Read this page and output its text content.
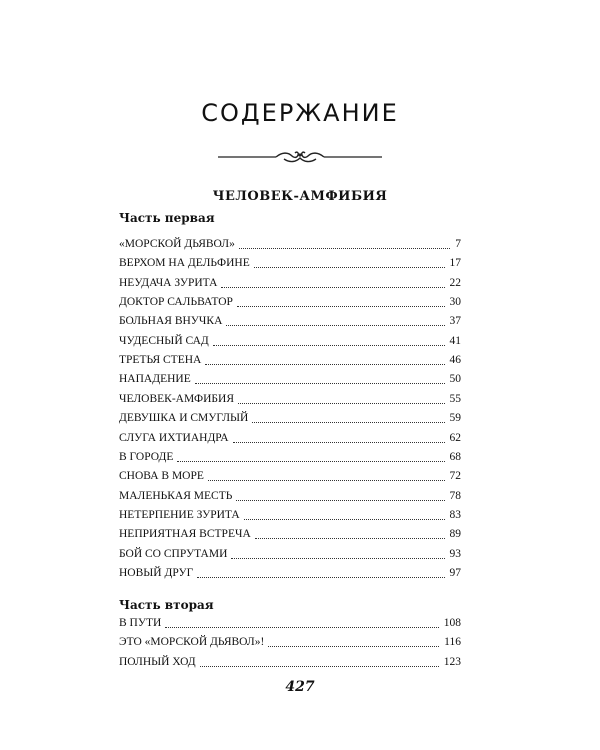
СОДЕРЖАНИЕ
ЧЕЛОВЕК-АМФИБИЯ
Часть первая
«МОРСКОЙ ДЬЯВОЛ»	7
ВЕРХОМ НА ДЕЛЬФИНЕ	17
НЕУДАЧА ЗУРИТА	22
ДОКТОР САЛЬВАТОР	30
БОЛЬНАЯ ВНУЧКА	37
ЧУДЕСНЫЙ САД	41
ТРЕТЬЯ СТЕНА	46
НАПАДЕНИЕ	50
ЧЕЛОВЕК-АМФИБИЯ	55
ДЕВУШКА И СМУГЛЫЙ	59
СЛУГА ИХТИАНДРА	62
В ГОРОДЕ	68
СНОВА В МОРЕ	72
МАЛЕНЬКАЯ МЕСТЬ	78
НЕТЕРПЕНИЕ ЗУРИТА	83
НЕПРИЯТНАЯ ВСТРЕЧА	89
БОЙ СО СПРУТАМИ	93
НОВЫЙ ДРУГ	97
Часть вторая
В ПУТИ	108
ЭТО «МОРСКОЙ ДЬЯВОЛ»!	116
ПОЛНЫЙ ХОД	123
427
